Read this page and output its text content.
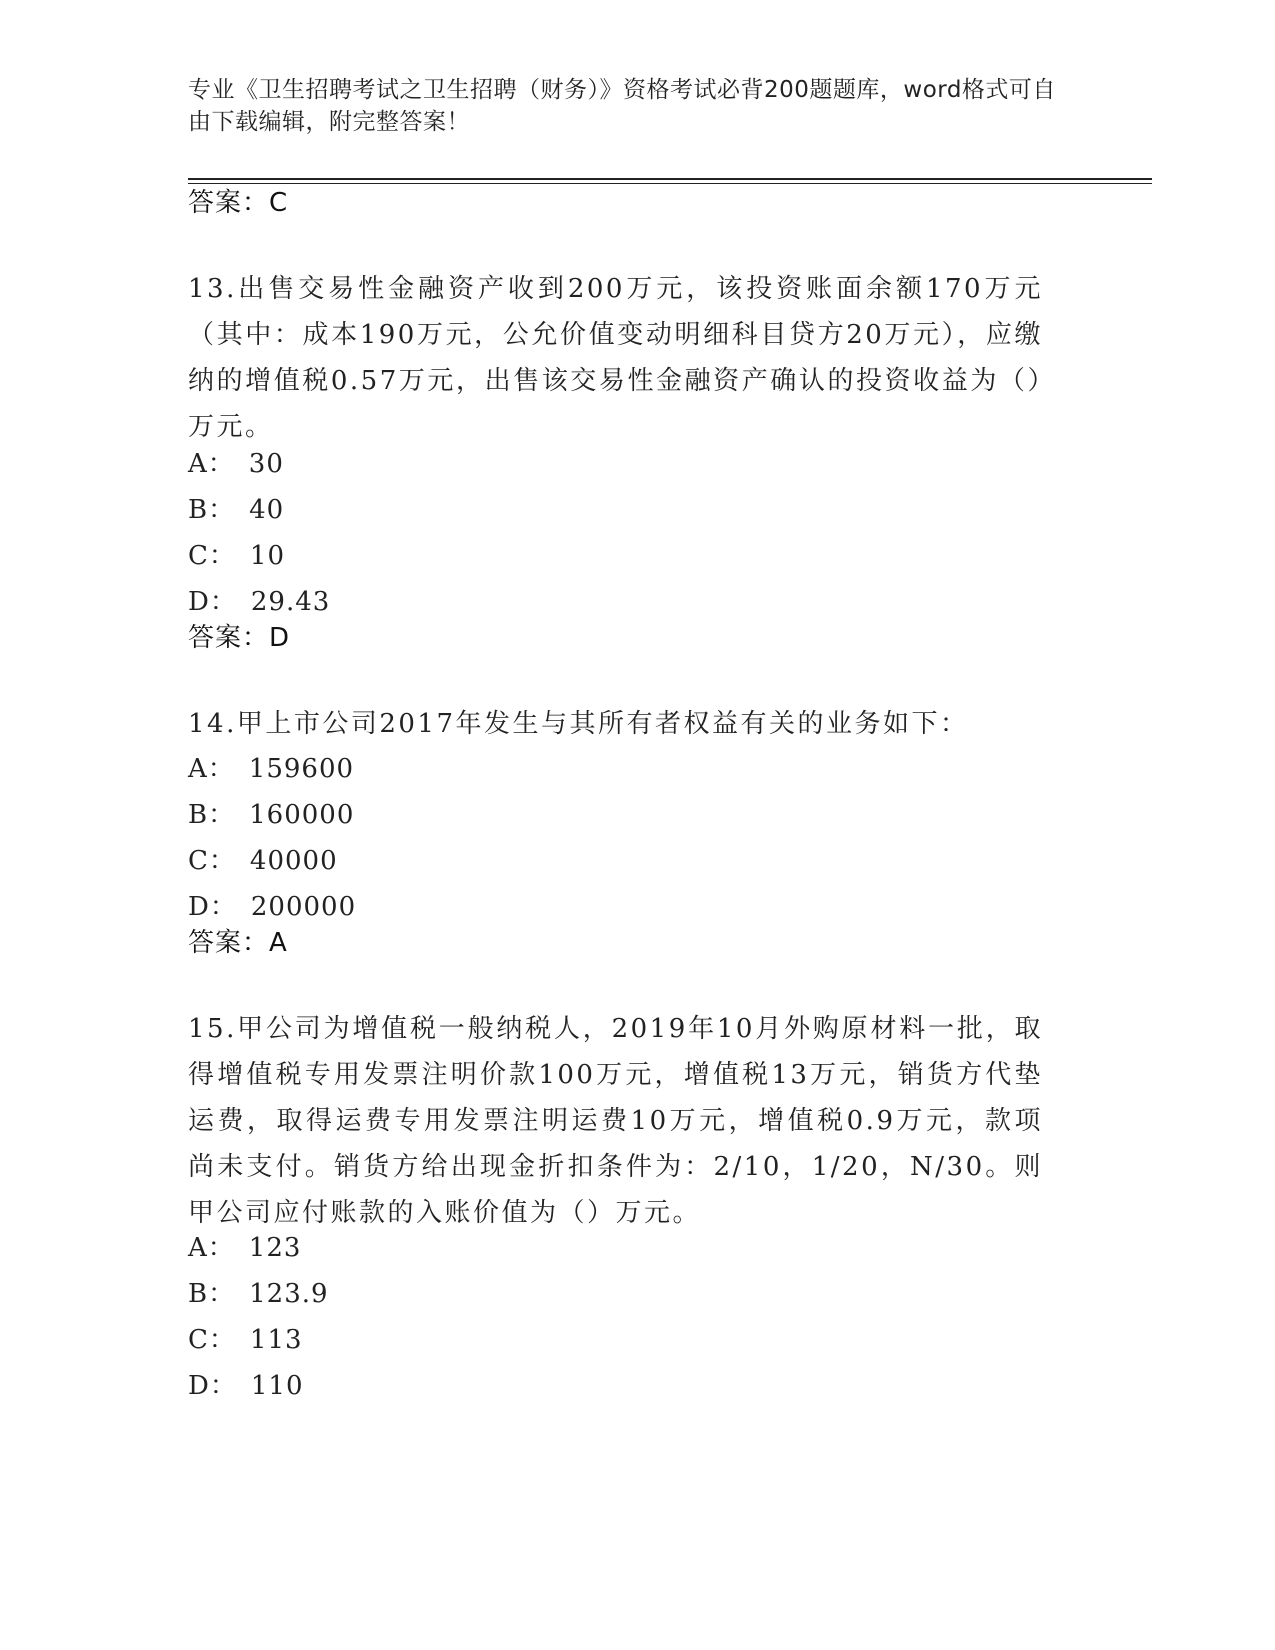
专业《卫生招聘考试之卫生招聘（财务）》资格考试必背200题题库，word格式可自由下载编辑，附完整答案！
答案：C
13.出售交易性金融资产收到200万元，该投资账面余额170万元（其中：成本190万元，公允价值变动明细科目贷方20万元），应缴纳的增值税0.57万元，出售该交易性金融资产确认的投资收益为（）万元。
A： 30
B： 40
C： 10
D： 29.43
答案：D
14.甲上市公司2017年发生与其所有者权益有关的业务如下：
A： 159600
B： 160000
C： 40000
D： 200000
答案：A
15.甲公司为增值税一般纳税人，2019年10月外购原材料一批，取得增值税专用发票注明价款100万元，增值税13万元，销货方代垫运费，取得运费专用发票注明运费10万元，增值税0.9万元，款项尚未支付。销货方给出现金折扣条件为：2/10，1/20，N/30。则甲公司应付账款的入账价值为（）万元。
A： 123
B： 123.9
C： 113
D： 110
